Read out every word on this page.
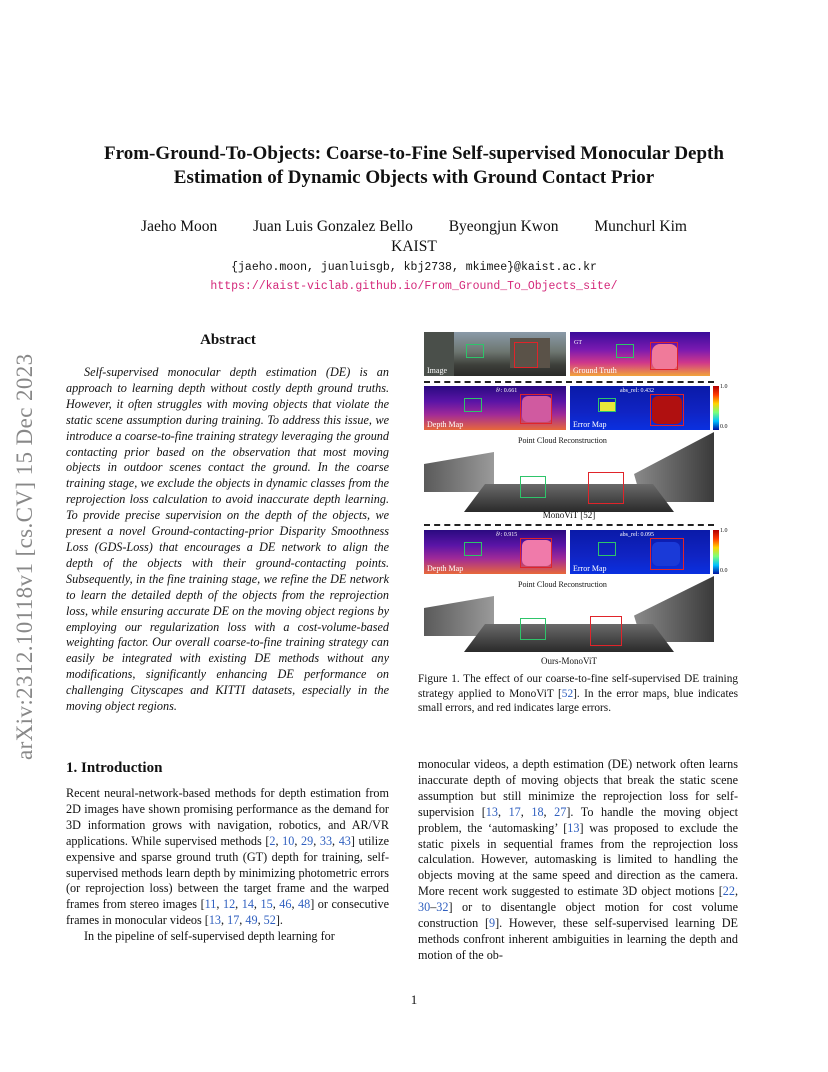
arXiv:2312.10118v1 [cs.CV] 15 Dec 2023
From-Ground-To-Objects: Coarse-to-Fine Self-supervised Monocular Depth Estimation of Dynamic Objects with Ground Contact Prior
Jaeho Moon Juan Luis Gonzalez Bello Byeongjun Kwon Munchurl Kim
KAIST
{jaeho.moon, juanluisgb, kbj2738, mkimee}@kaist.ac.kr
https://kaist-viclab.github.io/From_Ground_To_Objects_site/
Abstract
Self-supervised monocular depth estimation (DE) is an approach to learning depth without costly depth ground truths. However, it often struggles with moving objects that violate the static scene assumption during training. To address this issue, we introduce a coarse-to-fine training strategy leveraging the ground contacting prior based on the observation that most moving objects in outdoor scenes contact the ground. In the coarse training stage, we exclude the objects in dynamic classes from the reprojection loss calculation to avoid inaccurate depth learning. To provide precise supervision on the depth of the objects, we present a novel Ground-contacting-prior Disparity Smoothness Loss (GDS-Loss) that encourages a DE network to align the depth of the objects with their ground-contacting points. Subsequently, in the fine training stage, we refine the DE network to learn the detailed depth of the objects from the reprojection loss, while ensuring accurate DE on the moving object regions by employing our regularization loss with a cost-volume-based weighting factor. Our overall coarse-to-fine training strategy can easily be integrated with existing DE methods without any modifications, significantly enhancing DE performance on challenging Cityscapes and KITTI datasets, especially in the moving object regions.
1. Introduction

Recent neural-network-based methods for depth estimation from 2D images have shown promising performance as the demand for 3D information grows with navigation, robotics, and AR/VR applications. While supervised methods [2, 10, 29, 33, 43] utilize expensive and sparse ground truth (GT) depth for training, self-supervised methods learn depth by minimizing photometric errors (or reprojection loss) between the target frame and the warped frames from stereo images [11, 12, 14, 15, 46, 48] or consecutive frames in monocular videos [13, 17, 49, 52].

In the pipeline of self-supervised depth learning for

monocular videos, a depth estimation (DE) network often learns inaccurate depth of moving objects that break the static scene assumption but still minimize the reprojection loss for self-supervision [13, 17, 18, 27]. To handle the moving object problem, the ‘automasking’ [13] was proposed to exclude the static pixels in sequential frames from the reprojection loss calculation. However, automasking is limited to handling the objects moving at the same speed and direction as the camera. More recent work suggested to estimate 3D object motions [22, 30–32] or to disentangle object motion for cost volume construction [9]. However, these self-supervised learning DE methods confront inherent ambiguities in learning the depth and motion of the ob-

Image	Ground Truth
GT
δ¹: 0.661
Depth Map
abs_rel: 0.432
Error Map
1.0
0.0
Point Cloud Reconstruction
MonoViT [52]
δ¹: 0.915
Depth Map
abs_rel: 0.095
Error Map
1.0
0.0
Point Cloud Reconstruction
Ours-MonoViT
Figure 1. The effect of our coarse-to-fine self-supervised DE training strategy applied to MonoViT [52]. In the error maps, blue indicates small errors, and red indicates large errors.
1
